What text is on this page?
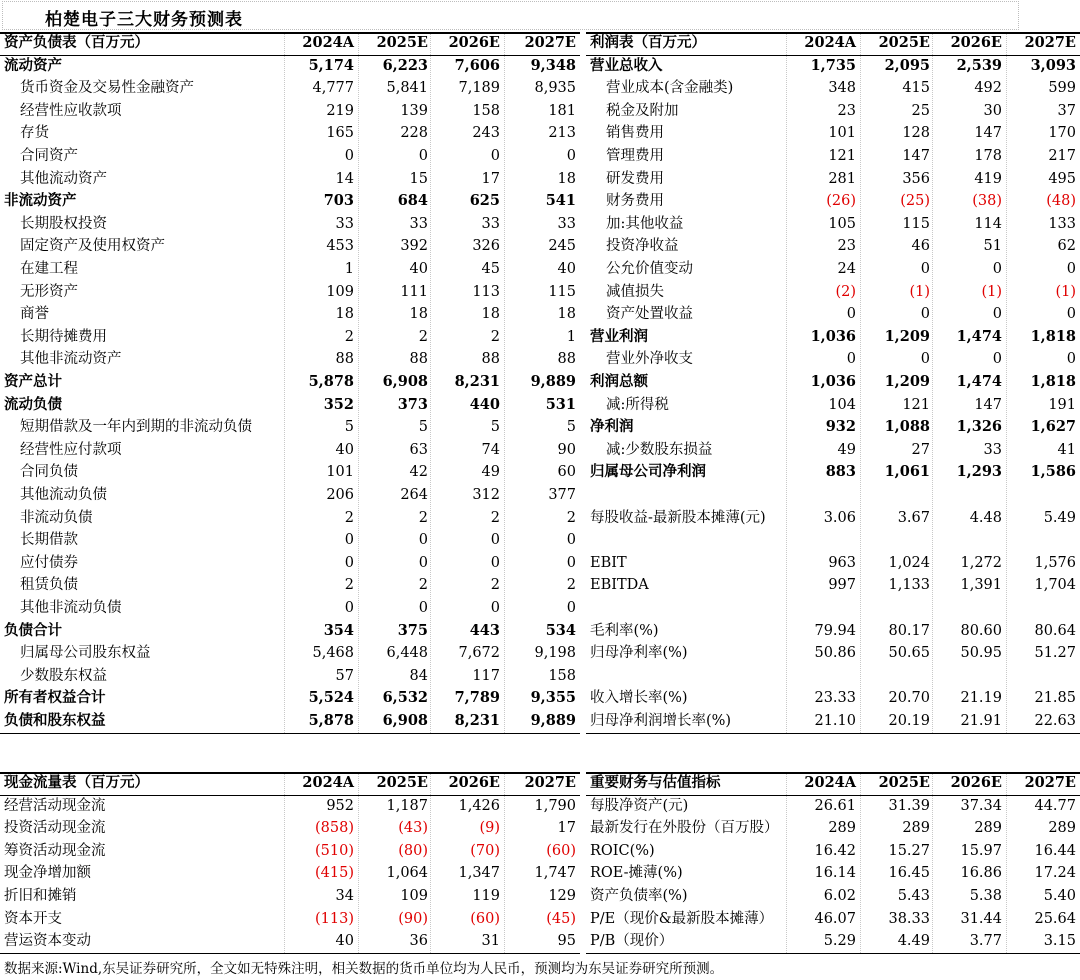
柏楚电子三大财务预测表
资产负债表（百万元）	2024A 2025E 2026E 2027E
流动资产	5,174 6,223 7,606 9,348
货币资金及交易性金融资产	4,777 5,841 7,189 8,935
经营性应收款项	219	139	158	181
存货	165	228	243	213
合同资产	0	0	0	0
其他流动资产	14	15	17	18
非流动资产	703	684	625	541
长期股权投资	33	33	33	33
固定资产及使用权资产	453	392	326	245
在建工程	1	40	45	40
无形资产	109	111	113	115
商誉	18	18	18	18
长期待摊费用	2	2	2	1
其他非流动资产	88	88	88	88
资产总计	5,878 6,908 8,231 9,889
流动负债	352	373	440	531
短期借款及一年内到期的非流动负债	5	5	5	5
经营性应付款项	40	63	74	90
合同负债	101	42	49	60
其他流动负债	206	264	312	377
非流动负债	2	2	2	2
长期借款	0	0	0	0
应付债券	0	0	0	0
租赁负债	2	2	2	2
其他非流动负债	0	0	0	0
负债合计	354	375	443	534
归属母公司股东权益	5,468 6,448 7,672 9,198
少数股东权益	57	84	117	158
所有者权益合计	5,524 6,532 7,789 9,355
负债和股东权益	5,878 6,908 8,231 9,889
利润表（百万元）	2024A 2025E 2026E 2027E
营业总收入	1,735 2,095 2,539 3,093
营业成本(含金融类)	348	415	492	599
税金及附加	23	25	30	37
销售费用	101	128	147	170
管理费用	121	147	178	217
研发费用	281	356	419	495
财务费用	(26)	(25)	(38)	(48)
加:其他收益	105	115	114	133
投资净收益	23	46	51	62
公允价值变动	24	0	0	0
减值损失	(2)	(1)	(1)	(1)
资产处置收益	0	0	0	0
营业利润	1,036 1,209 1,474 1,818
营业外净收支	0	0	0	0
利润总额	1,036 1,209 1,474 1,818
减:所得税	104	121	147	191
净利润	932 1,088 1,326 1,627
减:少数股东损益	49	27	33	41
归属母公司净利润	883 1,061 1,293 1,586
每股收益-最新股本摊薄(元)	3.06	3.67	4.48	5.49
EBIT	963 1,024 1,272 1,576
EBITDA	997 1,133 1,391 1,704
毛利率(%)	79.94 80.17 80.60 80.64
归母净利率(%)	50.86 50.65 50.95 51.27
收入增长率(%)	23.33 20.70 21.19 21.85
归母净利润增长率(%)	21.10 20.19 21.91 22.63
现金流量表（百万元）	2024A 2025E 2026E 2027E
经营活动现金流	952 1,187 1,426 1,790
投资活动现金流	(858)	(43)	(9)	17
筹资活动现金流	(510)	(80)	(70)	(60)
现金净增加额	(415) 1,064 1,347 1,747
折旧和摊销	34	109	119	129
资本开支	(113)	(90)	(60)	(45)
营运资本变动	40	36	31	95
重要财务与估值指标	2024A 2025E 2026E 2027E
每股净资产(元)	26.61 31.39 37.34 44.77
最新发行在外股份（百万股）	289	289	289	289
ROIC(%)	16.42 15.27 15.97 16.44
ROE-摊薄(%)	16.14 16.45 16.86 17.24
资产负债率(%)	6.02	5.43	5.38	5.40
P/E（现价&最新股本摊薄）	46.07 38.33 31.44 25.64
P/B（现价）	5.29	4.49	3.77	3.15
数据来源:Wind,东吴证券研究所，全文如无特殊注明，相关数据的货币单位均为人民币，预测均为东吴证券研究所预测。
